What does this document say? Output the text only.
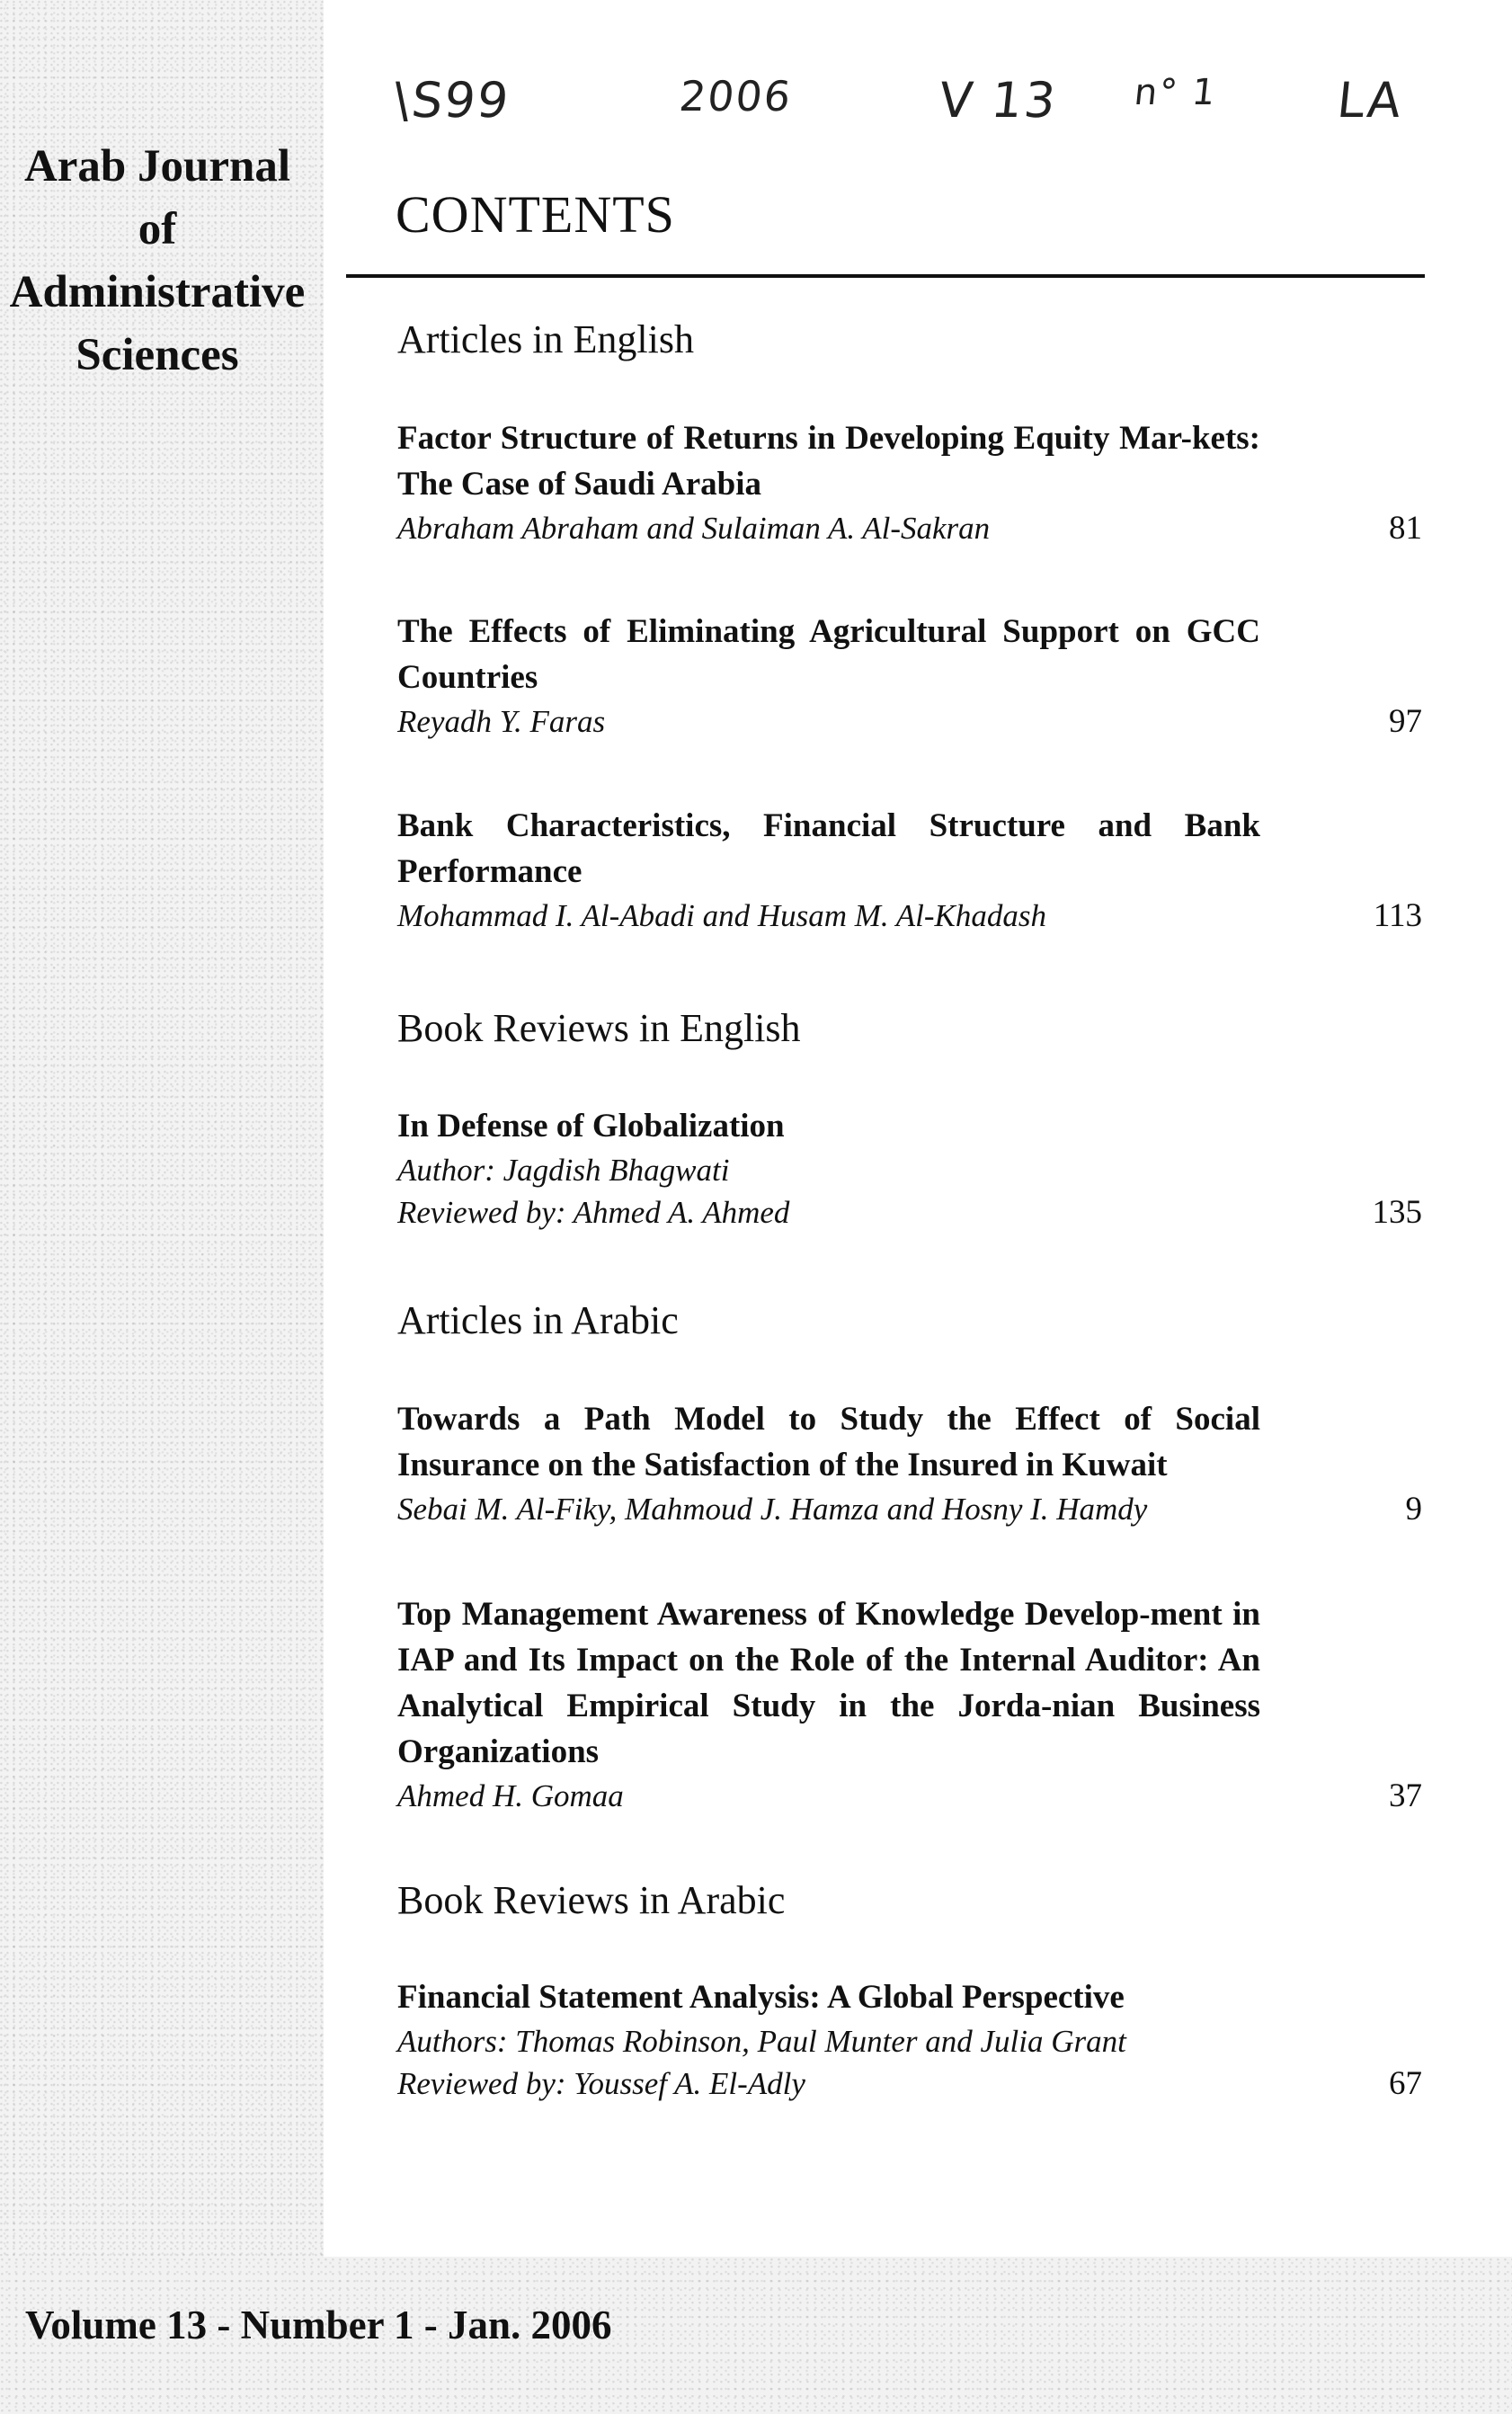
Arab Journal
of
Administrative
Sciences
\S99	2006	V 13 n° 1 LA
CONTENTS
Articles in English
Factor Structure of Returns in Developing Equity Mar-kets: The Case of Saudi Arabia
Abraham Abraham and Sulaiman A. Al-Sakran	81
The Effects of Eliminating Agricultural Support on GCC Countries
Reyadh Y. Faras	97
Bank Characteristics, Financial Structure and Bank Performance
Mohammad I. Al-Abadi and Husam M. Al-Khadash	113
Book Reviews in English
In Defense of Globalization
Author: Jagdish Bhagwati
Reviewed by: Ahmed A. Ahmed	135
Articles in Arabic
Towards a Path Model to Study the Effect of Social Insurance on the Satisfaction of the Insured in Kuwait
Sebai M. Al-Fiky, Mahmoud J. Hamza and Hosny I. Hamdy	9
Top Management Awareness of Knowledge Develop-ment in IAP and Its Impact on the Role of the Internal Auditor: An Analytical Empirical Study in the Jorda-nian Business Organizations
Ahmed H. Gomaa	37
Book Reviews in Arabic
Financial Statement Analysis: A Global Perspective
Authors: Thomas Robinson, Paul Munter and Julia Grant
Reviewed by: Youssef A. El-Adly	67
Volume 13 - Number 1 - Jan. 2006
